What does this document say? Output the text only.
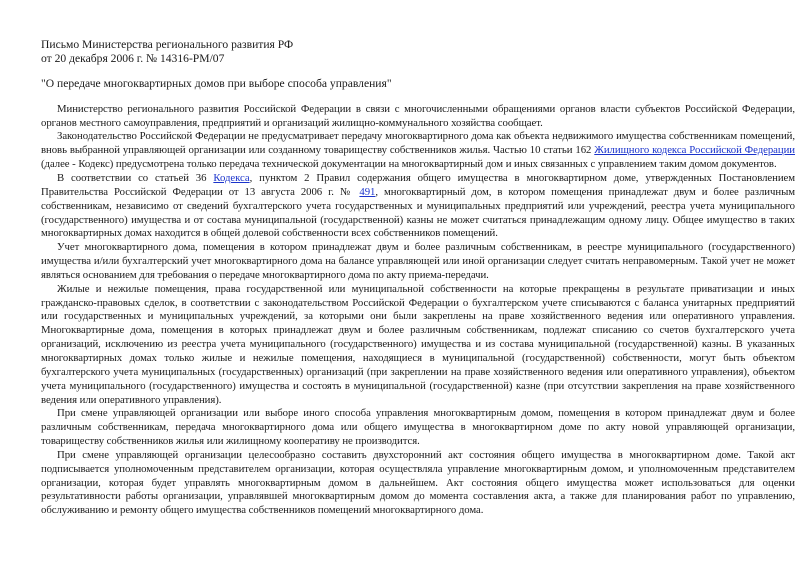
Письмо Министерства регионального развития РФ
от 20 декабря 2006 г. № 14316-РМ/07
"О передаче многоквартирных домов при выборе способа управления"

Министерство регионального развития Российской Федерации в связи с многочисленными обращениями органов власти субъектов Российской Федерации, органов местного самоуправления, предприятий и организаций жилищно-коммунального хозяйства сообщает.

Законодательство Российской Федерации не предусматривает передачу многоквартирного дома как объекта недвижимого имущества собственникам помещений, вновь выбранной управляющей организации или созданному товариществу собственников жилья. Частью 10 статьи 162 Жилищного кодекса Российской Федерации (далее - Кодекс) предусмотрена только передача технической документации на многоквартирный дом и иных связанных с управлением таким домом документов.

В соответствии со статьей 36 Кодекса, пунктом 2 Правил содержания общего имущества в многоквартирном доме, утвержденных Постановлением Правительства Российской Федерации от 13 августа 2006 г. № 491, многоквартирный дом, в котором помещения принадлежат двум и более различным собственникам, независимо от сведений бухгалтерского учета государственных и муниципальных предприятий или учреждений, реестра учета муниципального (государственного) имущества и от состава муниципальной (государственной) казны не может считаться принадлежащим одному лицу. Общее имущество в таких многоквартирных домах находится в общей долевой собственности всех собственников помещений.

Учет многоквартирного дома, помещения в котором принадлежат двум и более различным собственникам, в реестре муниципального (государственного) имущества и/или бухгалтерский учет многоквартирного дома на балансе управляющей или иной организации следует считать неправомерным. Такой учет не может являться основанием для требования о передаче многоквартирного дома по акту приема-передачи.

Жилые и нежилые помещения, права государственной или муниципальной собственности на которые прекращены в результате приватизации и иных гражданско-правовых сделок, в соответствии с законодательством Российской Федерации о бухгалтерском учете списываются с баланса унитарных предприятий или государственных и муниципальных учреждений, за которыми они были закреплены на праве хозяйственного ведения или оперативного управления. Многоквартирные дома, помещения в которых принадлежат двум и более различным собственникам, подлежат списанию со счетов бухгалтерского учета организаций, исключению из реестра учета муниципального (государственного) имущества и из состава муниципальной (государственной) казны. В указанных многоквартирных домах только жилые и нежилые помещения, находящиеся в муниципальной (государственной) собственности, могут быть объектом бухгалтерского учета муниципальных (государственных) организаций (при закреплении на праве хозяйственного ведения или оперативного управления), объектом учета муниципального (государственного) имущества и состоять в муниципальной (государственной) казне (при отсутствии закрепления на праве хозяйственного ведения или оперативного управления).

При смене управляющей организации или выборе иного способа управления многоквартирным домом, помещения в котором принадлежат двум и более различным собственникам, передача многоквартирного дома или общего имущества в многоквартирном доме по акту новой управляющей организации, товариществу собственников жилья или жилищному кооперативу не производится.

При смене управляющей организации целесообразно составить двухсторонний акт состояния общего имущества в многоквартирном доме. Такой акт подписывается уполномоченным представителем организации, которая осуществляла управление многоквартирным домом, и уполномоченным представителем организации, которая будет управлять многоквартирным домом в дальнейшем. Акт состояния общего имущества может использоваться для оценки результативности работы организации, управлявшей многоквартирным домом до момента составления акта, а также для планирования работ по управлению, обслуживанию и ремонту общего имущества собственников помещений многоквартирного дома.
